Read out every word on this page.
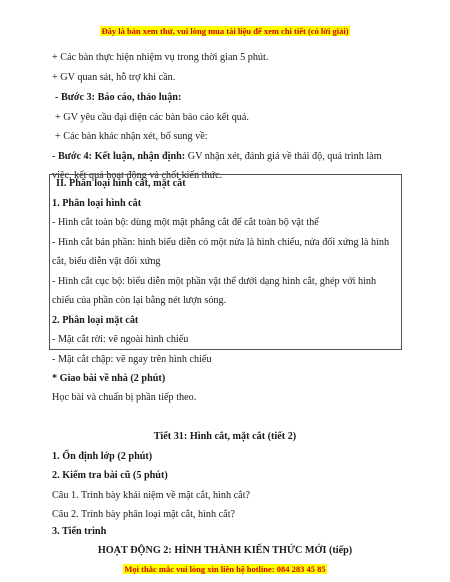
Đây là bản xem thử, vui lòng mua tài liệu để xem chi tiết (có lời giải)
+ Các bàn thực hiện nhiệm vụ trong thời gian 5 phút.
+ GV quan sát, hỗ trợ khi cần.
- Bước 3: Báo cáo, thảo luận:
+ GV yêu cầu đại diện các bàn báo cáo kết quả.
+ Các bàn khác nhận xét, bổ sung về:
- Bước 4: Kết luận, nhận định: GV nhận xét, đánh giá về thái độ, quá trình làm
việc, kết quả hoạt động và chốt kiến thức.
II. Phân loại hình cắt, mặt cắt
1. Phân loại hình cắt
- Hình cắt toàn bộ: dùng một mặt phẳng cắt để cắt toàn bộ vật thể
- Hình cắt bán phần: hình biểu diễn có một nửa là hình chiếu, nửa đối xứng là hình
cắt, biểu diễn vật đối xứng
- Hình cắt cục bộ: biểu diễn một phần vật thể dưới dạng hình cắt, ghép với hình
chiếu của phần còn lại bằng nét lượn sóng.
2. Phân loại mặt cắt
- Mặt cắt rời: vẽ ngoài hình chiếu
- Mặt cắt chập: vẽ ngay trên hình chiếu
* Giao bài về nhà (2 phút)
Học bài và chuẩn bị phần tiếp theo.
Tiết 31: Hình cắt, mặt cắt (tiết 2)
1. Ổn định lớp (2 phút)
2. Kiểm tra bài cũ (5 phút)
Câu 1. Trình bày khái niệm về mặt cắt, hình cắt?
Câu 2. Trình bày phân loại mặt cắt, hình cắt?
3. Tiến trình
HOẠT ĐỘNG 2: HÌNH THÀNH KIẾN THỨC MỚI (tiếp)
Mọi thắc mắc vui lòng xin liên hệ hotline: 084 283 45 85
